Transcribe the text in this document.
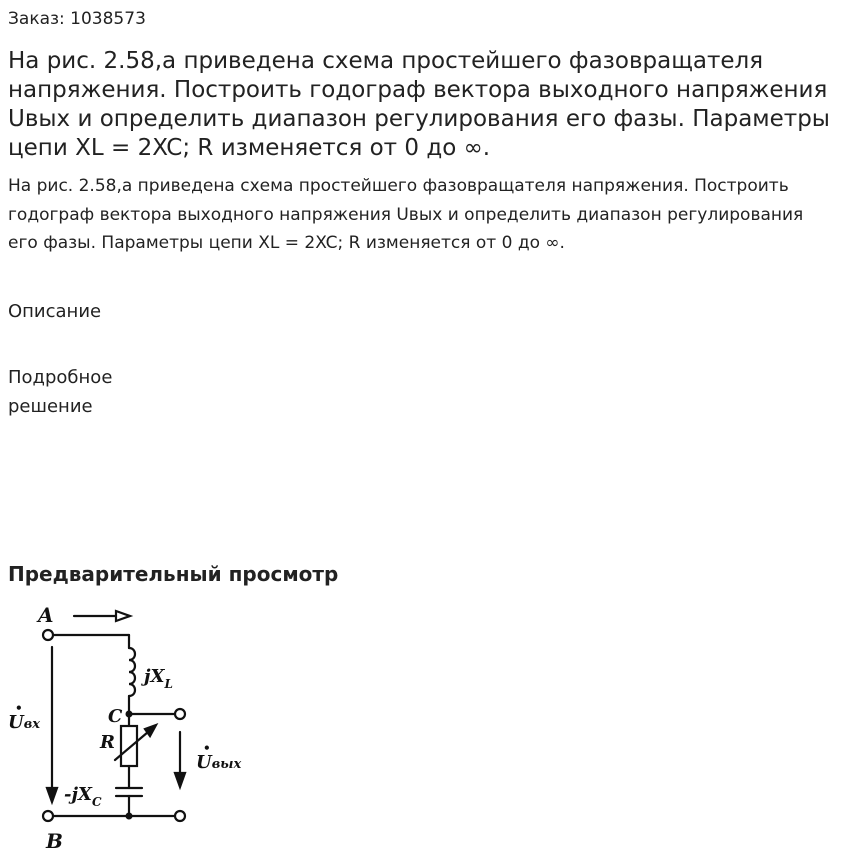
Заказ: 1038573
На рис. 2.58,а приведена схема простейшего фазовращателя напряжения. Построить годограф вектора выходного напряжения Uвых и определить диапазон регулирования его фазы. Параметры цепи XL = 2XC; R изменяется от 0 до ∞.
На рис. 2.58,а приведена схема простейшего фазовращателя напряжения. Построить годограф вектора выходного напряжения Uвых и определить диапазон регулирования его фазы. Параметры цепи XL = 2XC; R изменяется от 0 до ∞.
Описание
Подробное решение
Предварительный просмотр
A
B
C
$jX_L$
R
$-jX_C$
Uвх
•
Uвых
•
